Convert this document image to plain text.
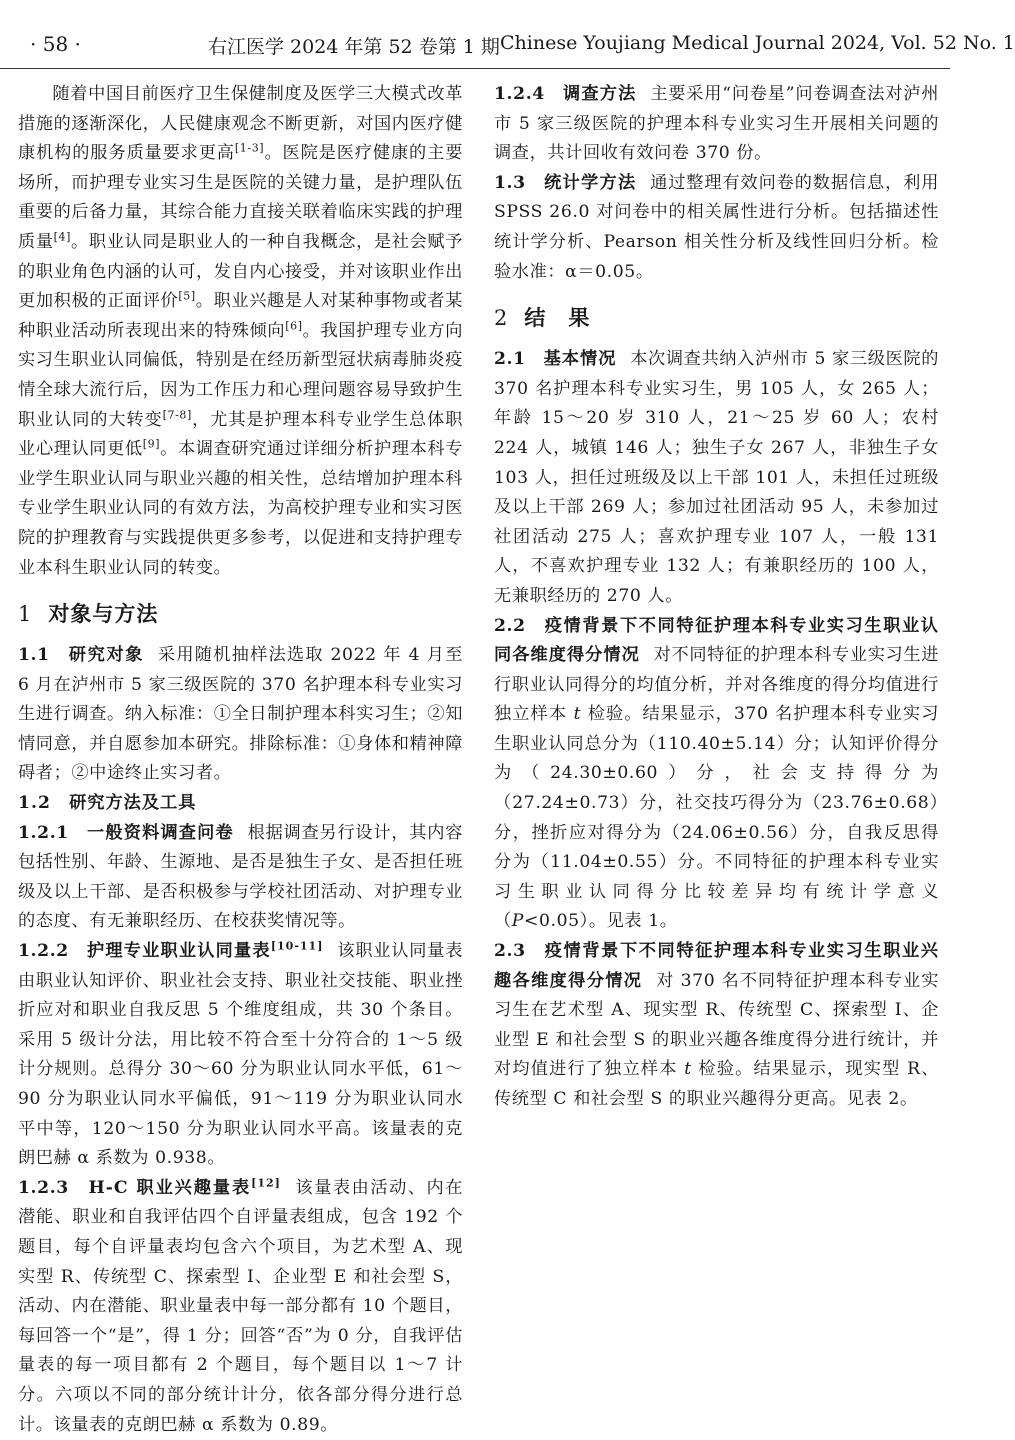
· 58 ·	右江医学 2024 年第 52 卷第 1 期 Chinese Youjiang Medical Journal 2024, Vol. 52 No. 1

随着中国目前医疗卫生保健制度及医学三大模式改革措施的逐渐深化，人民健康观念不断更新，对国内医疗健康机构的服务质量要求更高[1-3]。医院是医疗健康的主要场所，而护理专业实习生是医院的关键力量，是护理队伍重要的后备力量，其综合能力直接关联着临床实践的护理质量[4]。职业认同是职业人的一种自我概念，是社会赋予的职业角色内涵的认可，发自内心接受，并对该职业作出更加积极的正面评价[5]。职业兴趣是人对某种事物或者某种职业活动所表现出来的特殊倾向[6]。我国护理专业方向实习生职业认同偏低，特别是在经历新型冠状病毒肺炎疫情全球大流行后，因为工作压力和心理问题容易导致护生职业认同的大转变[7-8]，尤其是护理本科专业学生总体职业心理认同更低[9]。本调查研究通过详细分析护理本科专业学生职业认同与职业兴趣的相关性，总结增加护理本科专业学生职业认同的有效方法，为高校护理专业和实习医院的护理教育与实践提供更多参考，以促进和支持护理专业本科生职业认同的转变。

1 对象与方法
1.1　 研究对象 采用随机抽样法选取 2022 年 4 月至 6 月在泸州市 5 家三级医院的 370 名护理本科专业实习生进行调查。纳入标准：①全日制护理本科实习生；②知情同意，并自愿参加本研究。排除标准：①身体和精神障碍者；②中途终止实习者。
1.2　 研究方法及工具
1.2.1　 一般资料调查问卷 根据调查另行设计，其内容包括性别、年龄、生源地、是否是独生子女、是否担任班级及以上干部、是否积极参与学校社团活动、对护理专业的态度、有无兼职经历、在校获奖情况等。
1.2.2　 护理专业职业认同量表[10-11] 该职业认同量表由职业认知评价、职业社会支持、职业社交技能、职业挫折应对和职业自我反思 5 个维度组成，共 30 个条目。采用 5 级计分法，用比较不符合至十分符合的 1～5 级计分规则。总得分 30～60 分为职业认同水平低，61～90 分为职业认同水平偏低，91～119 分为职业认同水平中等，120～150 分为职业认同水平高。该量表的克朗巴赫 α 系数为 0.938。
1.2.3　 H-C 职业兴趣量表[12] 该量表由活动、内在潜能、职业和自我评估四个自评量表组成，包含 192 个题目，每个自评量表均包含六个项目，为艺术型 A、现实型 R、传统型 C、探索型 I、企业型 E 和社会型 S，活动、内在潜能、职业量表中每一部分都有 10 个题目，每回答一个“是”，得 1 分；回答“否”为 0 分，自我评估量表的每一项目都有 2 个题目，每个题目以 1～7 计分。六项以不同的部分统计计分，依各部分得分进行总计。该量表的克朗巴赫 α 系数为 0.89。
1.2.4　 调查方法 主要采用“问卷星”问卷调查法对泸州市 5 家三级医院的护理本科专业实习生开展相关问题的调查，共计回收有效问卷 370 份。
1.3　 统计学方法 通过整理有效问卷的数据信息，利用 SPSS 26.0 对问卷中的相关属性进行分析。包括描述性统计学分析、Pearson 相关性分析及线性回归分析。检验水准：α＝0.05。
2 结　果
2.1　 基本情况 本次调查共纳入泸州市 5 家三级医院的 370 名护理本科专业实习生，男 105 人，女 265 人；年龄 15～20 岁 310 人，21～25 岁 60 人；农村 224 人，城镇 146 人；独生子女 267 人，非独生子女 103 人，担任过班级及以上干部 101 人，未担任过班级及以上干部 269 人；参加过社团活动 95 人，未参加过社团活动 275 人；喜欢护理专业 107 人，一般 131 人，不喜欢护理专业 132 人；有兼职经历的 100 人，无兼职经历的 270 人。
2.2　 疫情背景下不同特征护理本科专业实习生职业认同各维度得分情况 对不同特征的护理本科专业实习生进行职业认同得分的均值分析，并对各维度的得分均值进行独立样本 t 检验。结果显示，370 名护理本科专业实习生职业认同总分为（110.40±5.14）分；认知评价得分为（24.30±0.60）分，社会支持得分为（27.24±0.73）分，社交技巧得分为（23.76±0.68）分，挫折应对得分为（24.06±0.56）分，自我反思得分为（11.04±0.55）分。不同特征的护理本科专业实习生职业认同得分比较差异均有统计学意义（P<0.05）。见表 1。
2.3　 疫情背景下不同特征护理本科专业实习生职业兴趣各维度得分情况 对 370 名不同特征护理本科专业实习生在艺术型 A、现实型 R、传统型 C、探索型 I、企业型 E 和社会型 S 的职业兴趣各维度得分进行统计，并对均值进行了独立样本 t 检验。结果显示，现实型 R、传统型 C 和社会型 S 的职业兴趣得分更高。见表 2。
